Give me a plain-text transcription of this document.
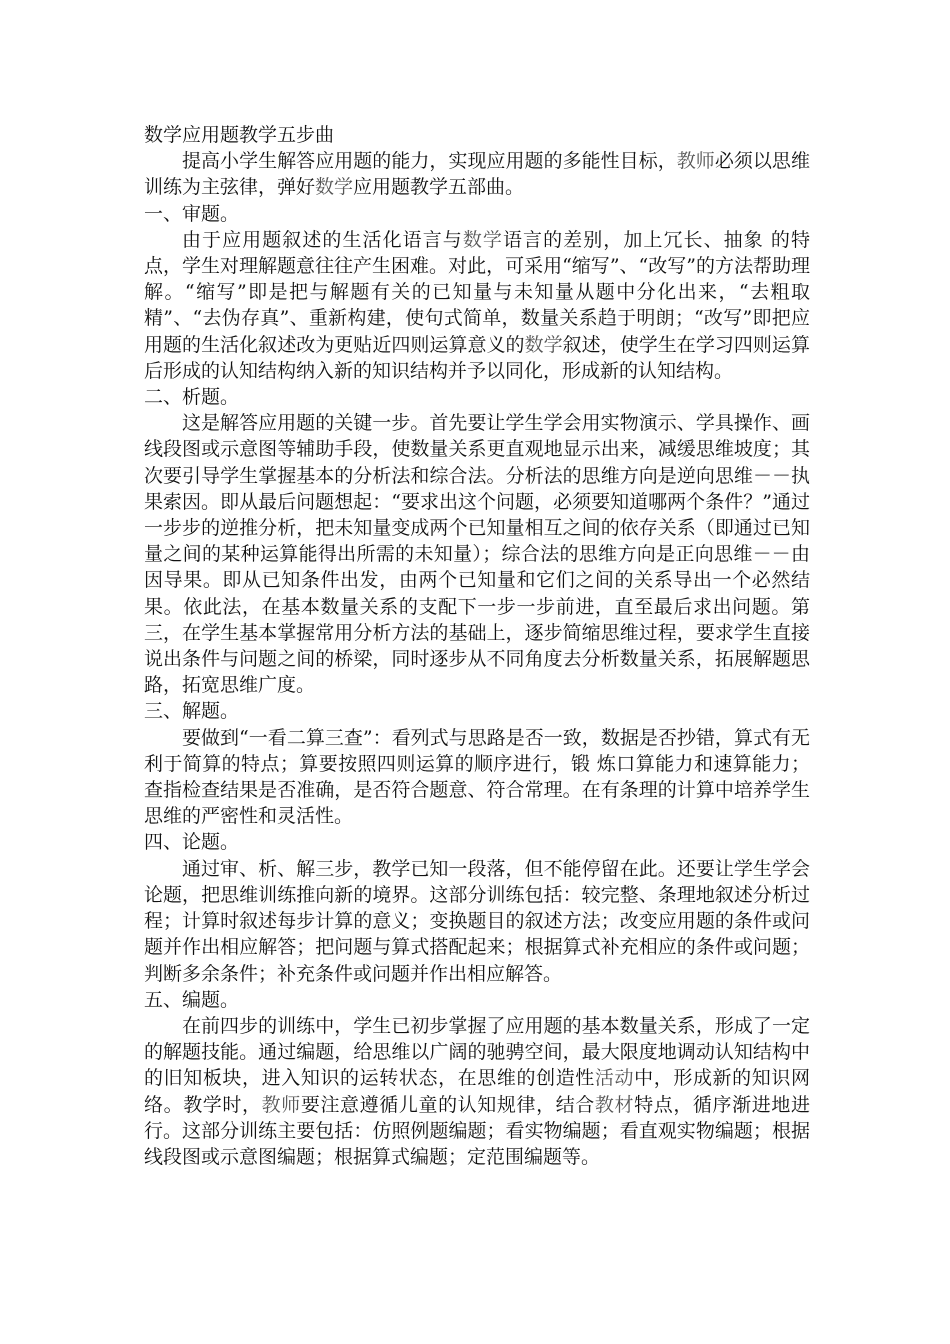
数学应用题教学五步曲

提高小学生解答应用题的能力，实现应用题的多能性目标，教师必须以思维训练为主弦律，弹好数学应用题教学五部曲。

一、审题。

由于应用题叙述的生活化语言与数学语言的差别，加上冗长、抽象 的特点，学生对理解题意往往产生困难。对此，可采用“缩写”、“改写”的方法帮助理解。“缩写”即是把与解题有关的已知量与未知量从题中分化出来，“去粗取精”、“去伪存真”、重新构建，使句式简单，数量关系趋于明朗；“改写”即把应用题的生活化叙述改为更贴近四则运算意义的数学叙述，使学生在学习四则运算后形成的认知结构纳入新的知识结构并予以同化，形成新的认知结构。

二、析题。

这是解答应用题的关键一步。首先要让学生学会用实物演示、学具操作、画线段图或示意图等辅助手段，使数量关系更直观地显示出来，减缓思维坡度；其次要引导学生掌握基本的分析法和综合法。分析法的思维方向是逆向思维－－执果索因。即从最后问题想起：“要求出这个问题，必须要知道哪两个条件？”通过一步步的逆推分析，把未知量变成两个已知量相互之间的依存关系（即通过已知量之间的某种运算能得出所需的未知量）；综合法的思维方向是正向思维－－由因导果。即从已知条件出发，由两个已知量和它们之间的关系导出一个必然结果。依此法，在基本数量关系的支配下一步一步前进，直至最后求出问题。第三，在学生基本掌握常用分析方法的基础上，逐步简缩思维过程，要求学生直接说出条件与问题之间的桥梁，同时逐步从不同角度去分析数量关系，拓展解题思路，拓宽思维广度。

三、解题。

要做到“一看二算三查”：看列式与思路是否一致，数据是否抄错，算式有无利于简算的特点；算要按照四则运算的顺序进行，锻 炼口算能力和速算能力；查指检查结果是否准确，是否符合题意、符合常理。在有条理的计算中培养学生思维的严密性和灵活性。

四、论题。

通过审、析、解三步，教学已知一段落，但不能停留在此。还要让学生学会论题，把思维训练推向新的境界。这部分训练包括：较完整、条理地叙述分析过程；计算时叙述每步计算的意义；变换题目的叙述方法；改变应用题的条件或问题并作出相应解答；把问题与算式搭配起来；根据算式补充相应的条件或问题；判断多余条件；补充条件或问题并作出相应解答。

五、编题。

在前四步的训练中，学生已初步掌握了应用题的基本数量关系，形成了一定的解题技能。通过编题，给思维以广阔的驰骋空间，最大限度地调动认知结构中的旧知板块，进入知识的运转状态，在思维的创造性活动中，形成新的知识网络。教学时，教师要注意遵循儿童的认知规律，结合教材特点，循序渐进地进行。这部分训练主要包括：仿照例题编题；看实物编题；看直观实物编题；根据线段图或示意图编题；根据算式编题；定范围编题等。
